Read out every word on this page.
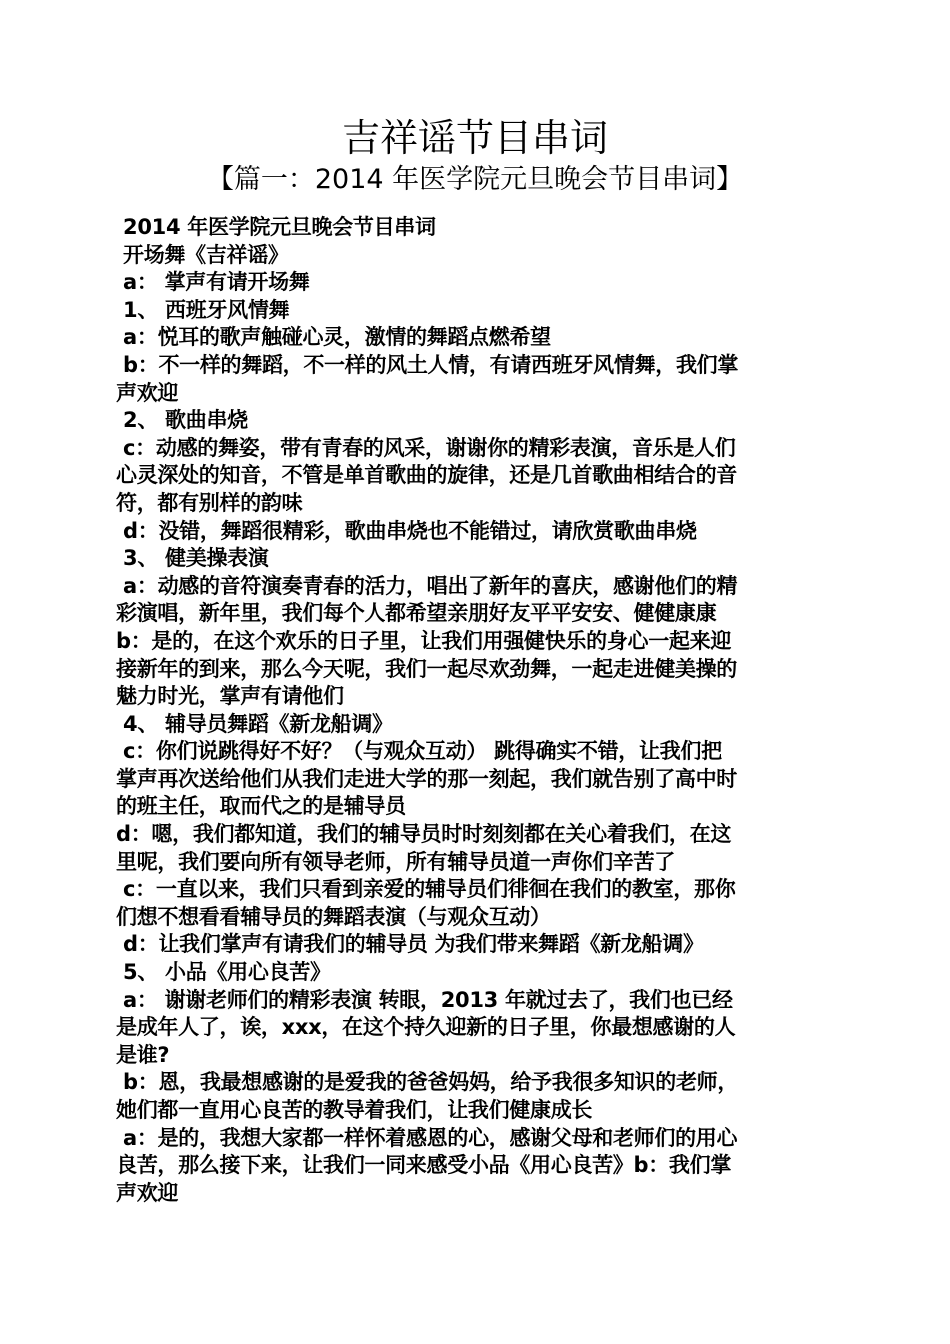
吉祥谣节目串词
【篇一：2014 年医学院元旦晚会节目串词】
2014 年医学院元旦晚会节目串词
开场舞《吉祥谣》
a： 掌声有请开场舞
1、 西班牙风情舞
a：悦耳的歌声触碰心灵，激情的舞蹈点燃希望
b：不一样的舞蹈，不一样的风土人情，有请西班牙风情舞，我们掌
声欢迎
2、 歌曲串烧
c：动感的舞姿，带有青春的风采，谢谢你的精彩表演，音乐是人们
心灵深处的知音，不管是单首歌曲的旋律，还是几首歌曲相结合的音
符，都有别样的韵味
d：没错，舞蹈很精彩，歌曲串烧也不能错过，请欣赏歌曲串烧
3、 健美操表演
a：动感的音符演奏青春的活力，唱出了新年的喜庆，感谢他们的精
彩演唱，新年里，我们每个人都希望亲朋好友平平安安、健健康康
b：是的，在这个欢乐的日子里，让我们用强健快乐的身心一起来迎
接新年的到来，那么今天呢，我们一起尽欢劲舞，一起走进健美操的
魅力时光，掌声有请他们
4、 辅导员舞蹈《新龙船调》
c：你们说跳得好不好？（与观众互动） 跳得确实不错，让我们把
掌声再次送给他们从我们走进大学的那一刻起，我们就告别了高中时
的班主任，取而代之的是辅导员
d：嗯，我们都知道，我们的辅导员时时刻刻都在关心着我们，在这
里呢，我们要向所有领导老师，所有辅导员道一声你们辛苦了
c：一直以来，我们只看到亲爱的辅导员们徘徊在我们的教室，那你
们想不想看看辅导员的舞蹈表演（与观众互动）
d：让我们掌声有请我们的辅导员 为我们带来舞蹈《新龙船调》
5、 小品《用心良苦》
a： 谢谢老师们的精彩表演 转眼，2013 年就过去了，我们也已经
是成年人了，诶，xxx，在这个持久迎新的日子里，你最想感谢的人
是谁?
b：恩，我最想感谢的是爱我的爸爸妈妈，给予我很多知识的老师，
她们都一直用心良苦的教导着我们，让我们健康成长
a：是的，我想大家都一样怀着感恩的心，感谢父母和老师们的用心
良苦，那么接下来，让我们一同来感受小品《用心良苦》b：我们掌
声欢迎
